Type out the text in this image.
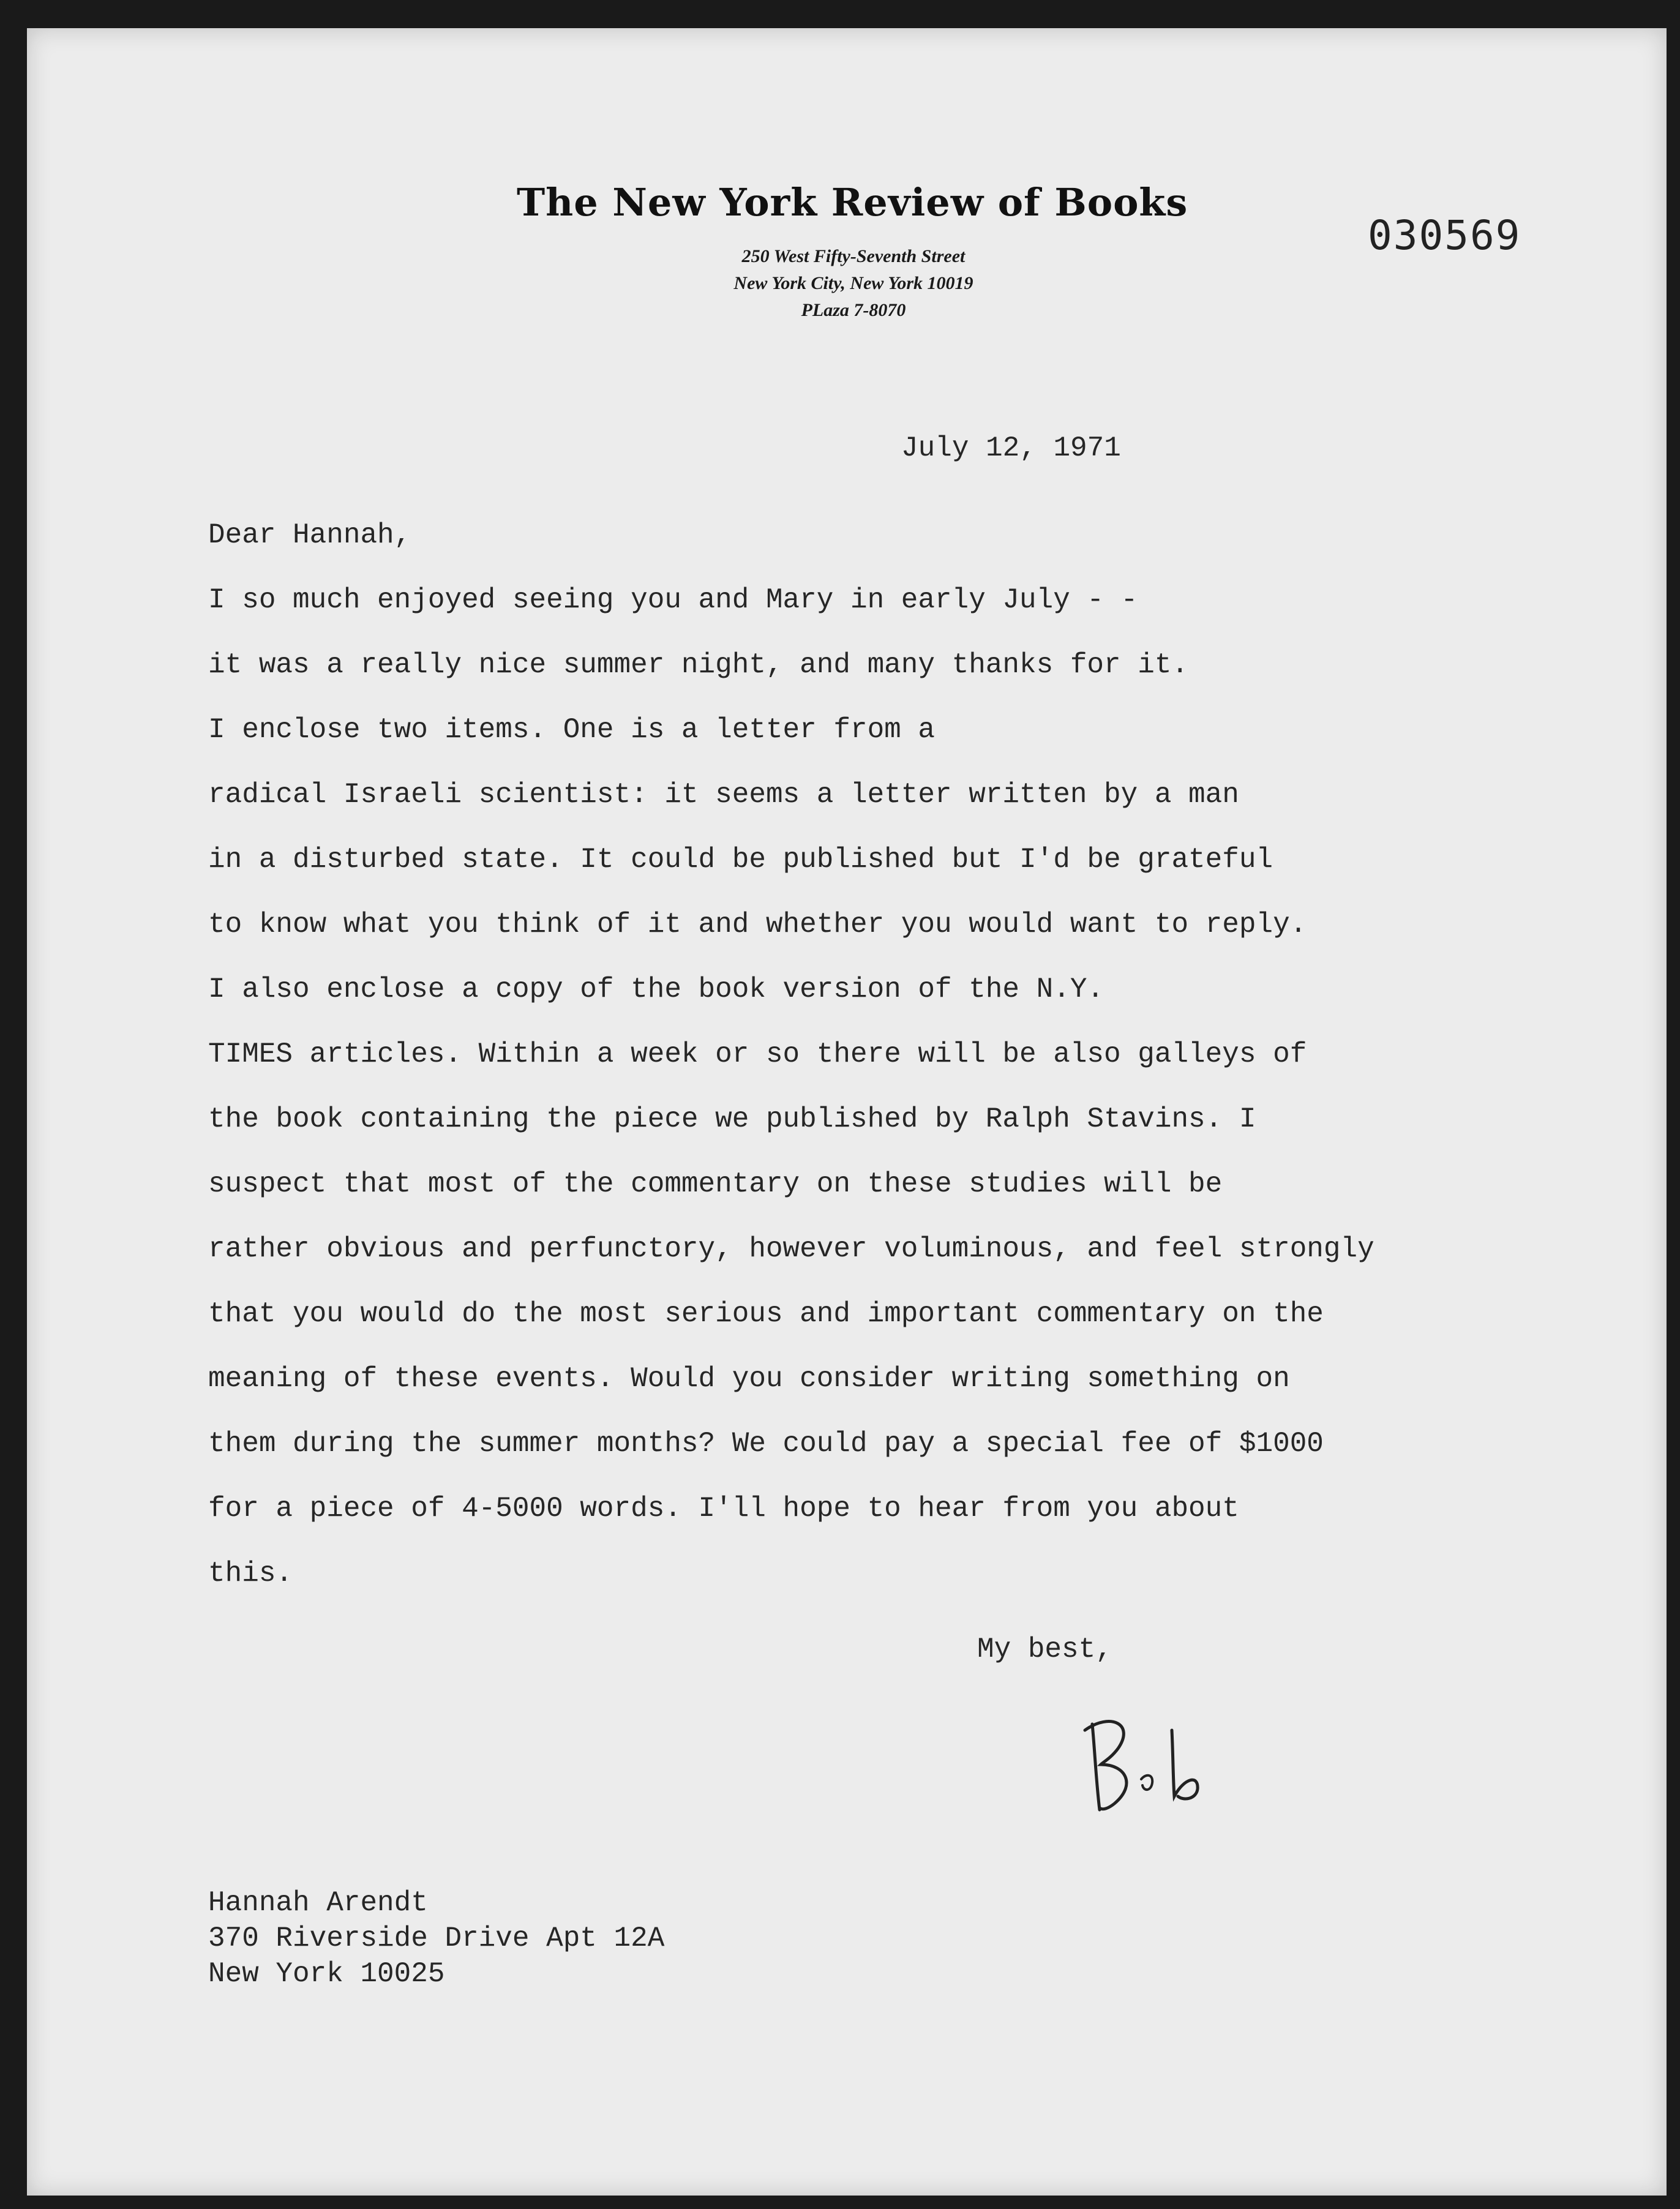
The New York Review of Books
250 West Fifty-Seventh Street
New York City, New York 10019
PLaza 7-8070
030569
July 12, 1971
Dear Hannah,
I so much enjoyed seeing you and Mary in early July - -
it was a really nice summer night, and many thanks for it.
I enclose two items. One is a letter from a
radical Israeli scientist: it seems a letter written by a man
in a disturbed state. It could be published but I'd be grateful
to know what you think of it and whether you would want to reply.
I also enclose a copy of the book version of the N.Y.
TIMES articles. Within a week or so there will be also galleys of
the book containing the piece we published by Ralph Stavins. I
suspect that most of the commentary on these studies will be
rather obvious and perfunctory, however voluminous, and feel strongly
that you would do the most serious and important commentary on the
meaning of these events. Would you consider writing something on
them during the summer months? We could pay a special fee of $1000
for a piece of 4-5000 words. I'll hope to hear from you about
this.
My best,
Hannah Arendt
370 Riverside Drive Apt 12A
New York 10025
